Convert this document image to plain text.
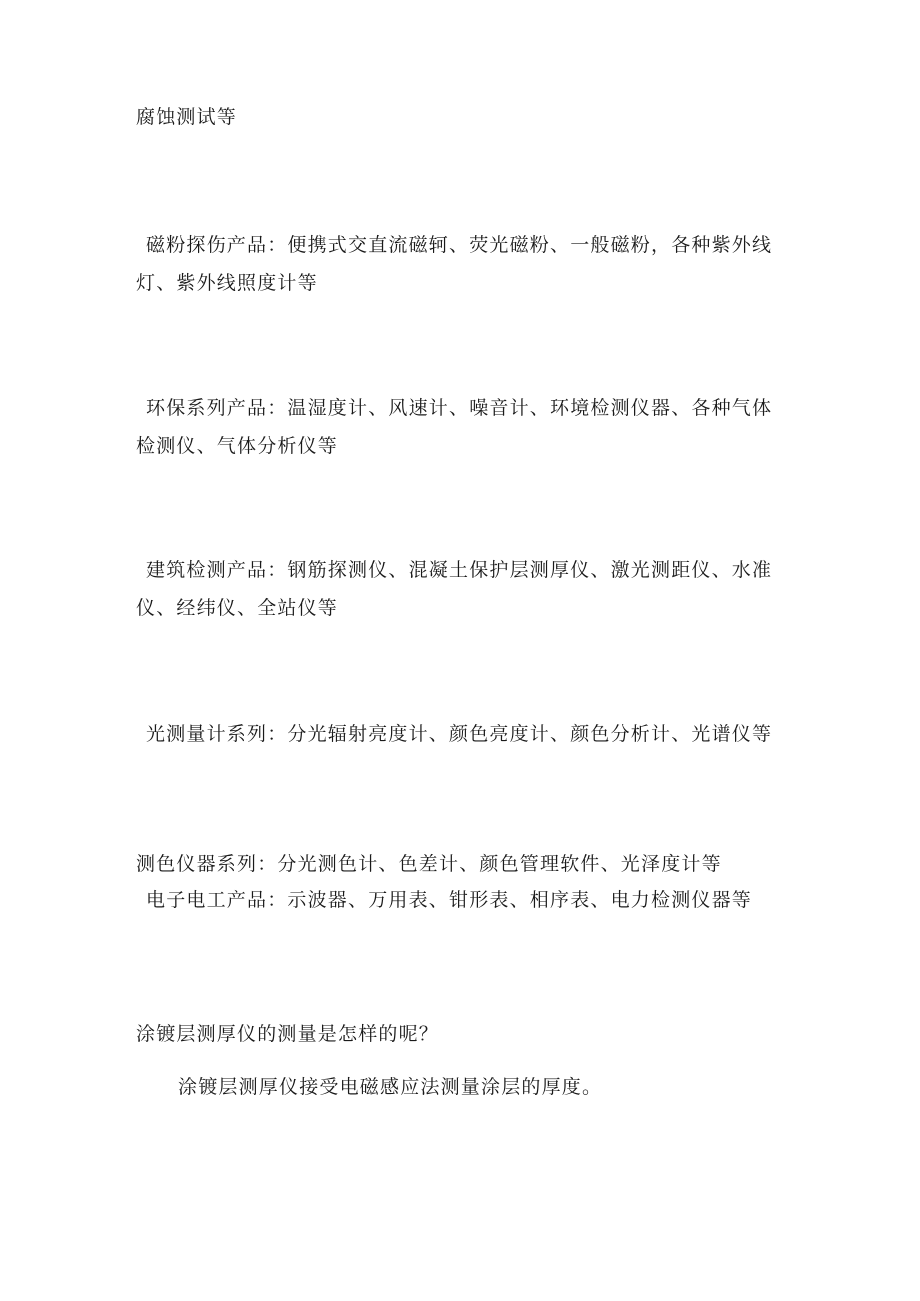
腐蚀测试等
磁粉探伤产品：便携式交直流磁轲、荧光磁粉、一般磁粉，各种紫外线灯、紫外线照度计等
环保系列产品：温湿度计、风速计、噪音计、环境检测仪器、各种气体检测仪、气体分析仪等
建筑检测产品：钢筋探测仪、混凝土保护层测厚仪、激光测距仪、水准仪、经纬仪、全站仪等
光测量计系列：分光辐射亮度计、颜色亮度计、颜色分析计、光谱仪等
测色仪器系列：分光测色计、色差计、颜色管理软件、光泽度计等
电子电工产品：示波器、万用表、钳形表、相序表、电力检测仪器等
涂镀层测厚仪的测量是怎样的呢？
涂镀层测厚仪接受电磁感应法测量涂层的厚度。
